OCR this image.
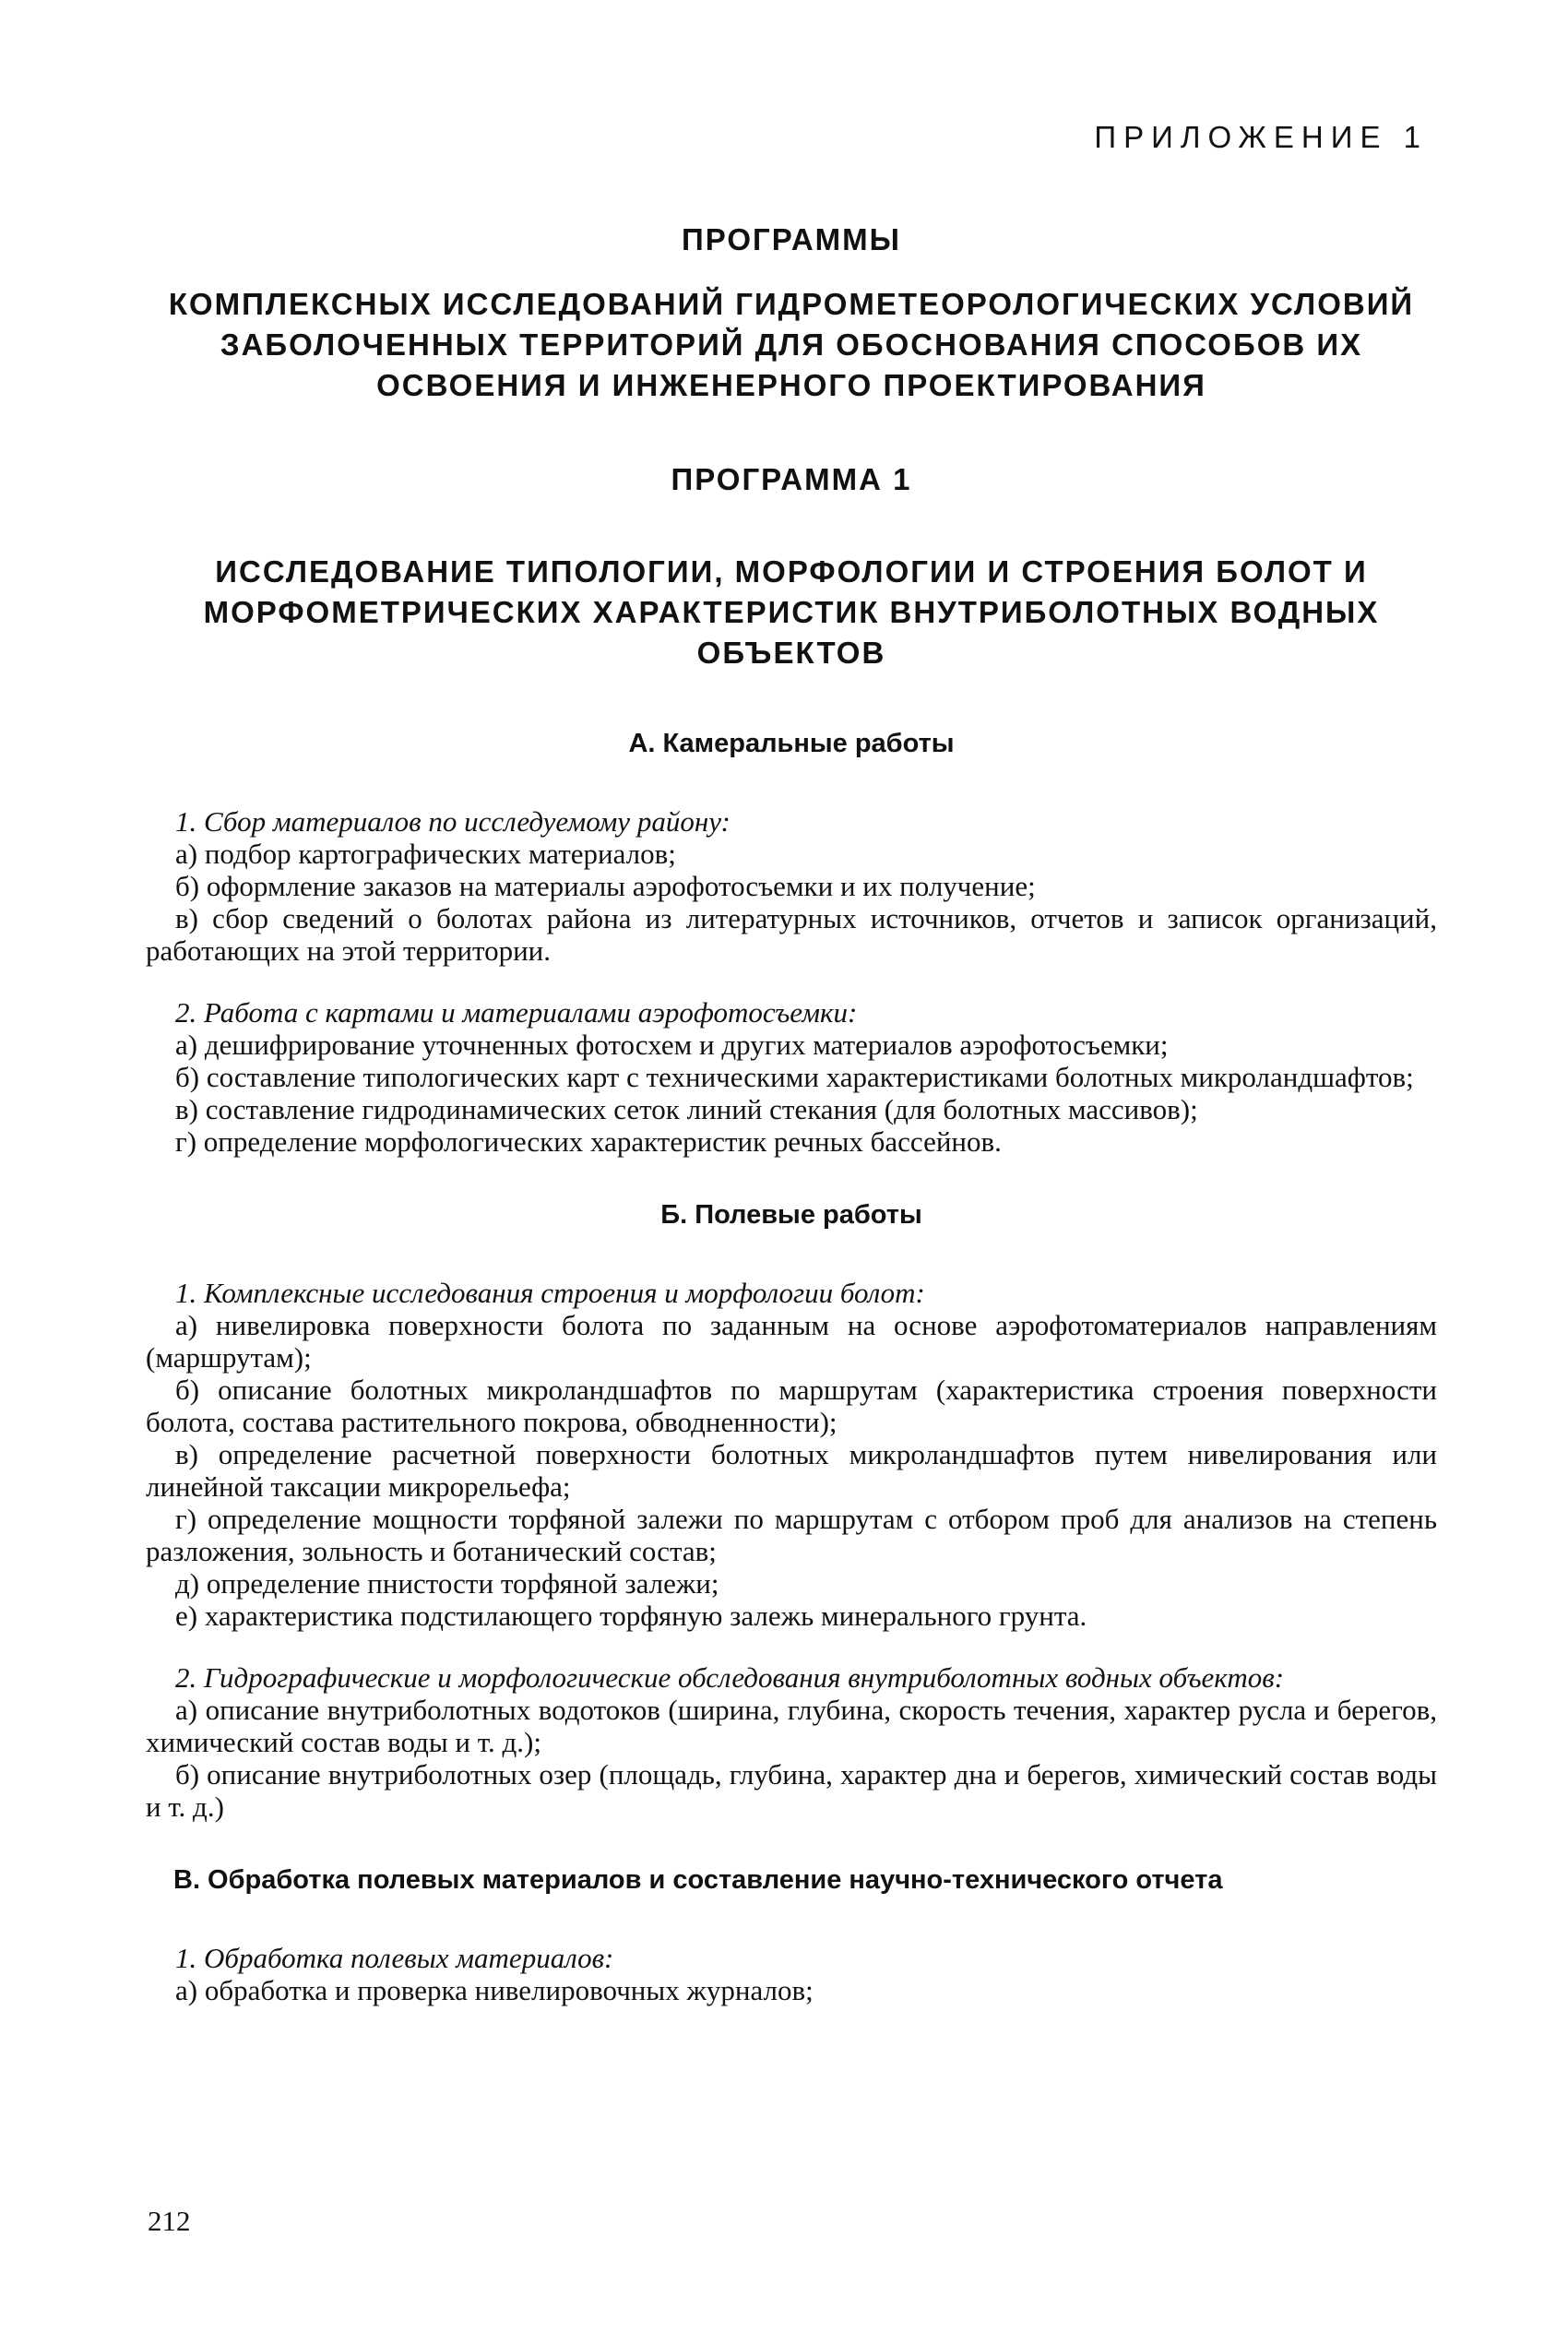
ПРИЛОЖЕНИЕ 1
ПРОГРАММЫ
КОМПЛЕКСНЫХ ИССЛЕДОВАНИЙ ГИДРОМЕТЕОРОЛОГИЧЕСКИХ УСЛОВИЙ ЗАБОЛОЧЕННЫХ ТЕРРИТОРИЙ ДЛЯ ОБОСНОВАНИЯ СПОСОБОВ ИХ ОСВОЕНИЯ И ИНЖЕНЕРНОГО ПРОЕКТИРОВАНИЯ
ПРОГРАММА 1
ИССЛЕДОВАНИЕ ТИПОЛОГИИ, МОРФОЛОГИИ И СТРОЕНИЯ БОЛОТ И МОРФОМЕТРИЧЕСКИХ ХАРАКТЕРИСТИК ВНУТРИБОЛОТНЫХ ВОДНЫХ ОБЪЕКТОВ
А. Камеральные работы
1. Сбор материалов по исследуемому району:

а) подбор картографических материалов;

б) оформление заказов на материалы аэрофотосъемки и их получение;

в) сбор сведений о болотах района из литературных источников, отчетов и записок организаций, работающих на этой территории.

2. Работа с картами и материалами аэрофотосъемки:

а) дешифрирование уточненных фотосхем и других материалов аэрофотосъемки;

б) составление типологических карт с техническими характеристиками болотных микроландшафтов;

в) составление гидродинамических сеток линий стекания (для болотных массивов);

г) определение морфологических характеристик речных бассейнов.

Б. Полевые работы
1. Комплексные исследования строения и морфологии болот:

а) нивелировка поверхности болота по заданным на основе аэрофотоматериалов направлениям (маршрутам);

б) описание болотных микроландшафтов по маршрутам (характеристика строения поверхности болота, состава растительного покрова, обводненности);

в) определение расчетной поверхности болотных микроландшафтов путем нивелирования или линейной таксации микрорельефа;

г) определение мощности торфяной залежи по маршрутам с отбором проб для анализов на степень разложения, зольность и ботанический состав;

д) определение пнистости торфяной залежи;

е) характеристика подстилающего торфяную залежь минерального грунта.

2. Гидрографические и морфологические обследования внутриболотных водных объектов:

а) описание внутриболотных водотоков (ширина, глубина, скорость течения, характер русла и берегов, химический состав воды и т. д.);

б) описание внутриболотных озер (площадь, глубина, характер дна и берегов, химический состав воды и т. д.)

В. Обработка полевых материалов и составление научно-технического отчета
1. Обработка полевых материалов:

а) обработка и проверка нивелировочных журналов;

212
